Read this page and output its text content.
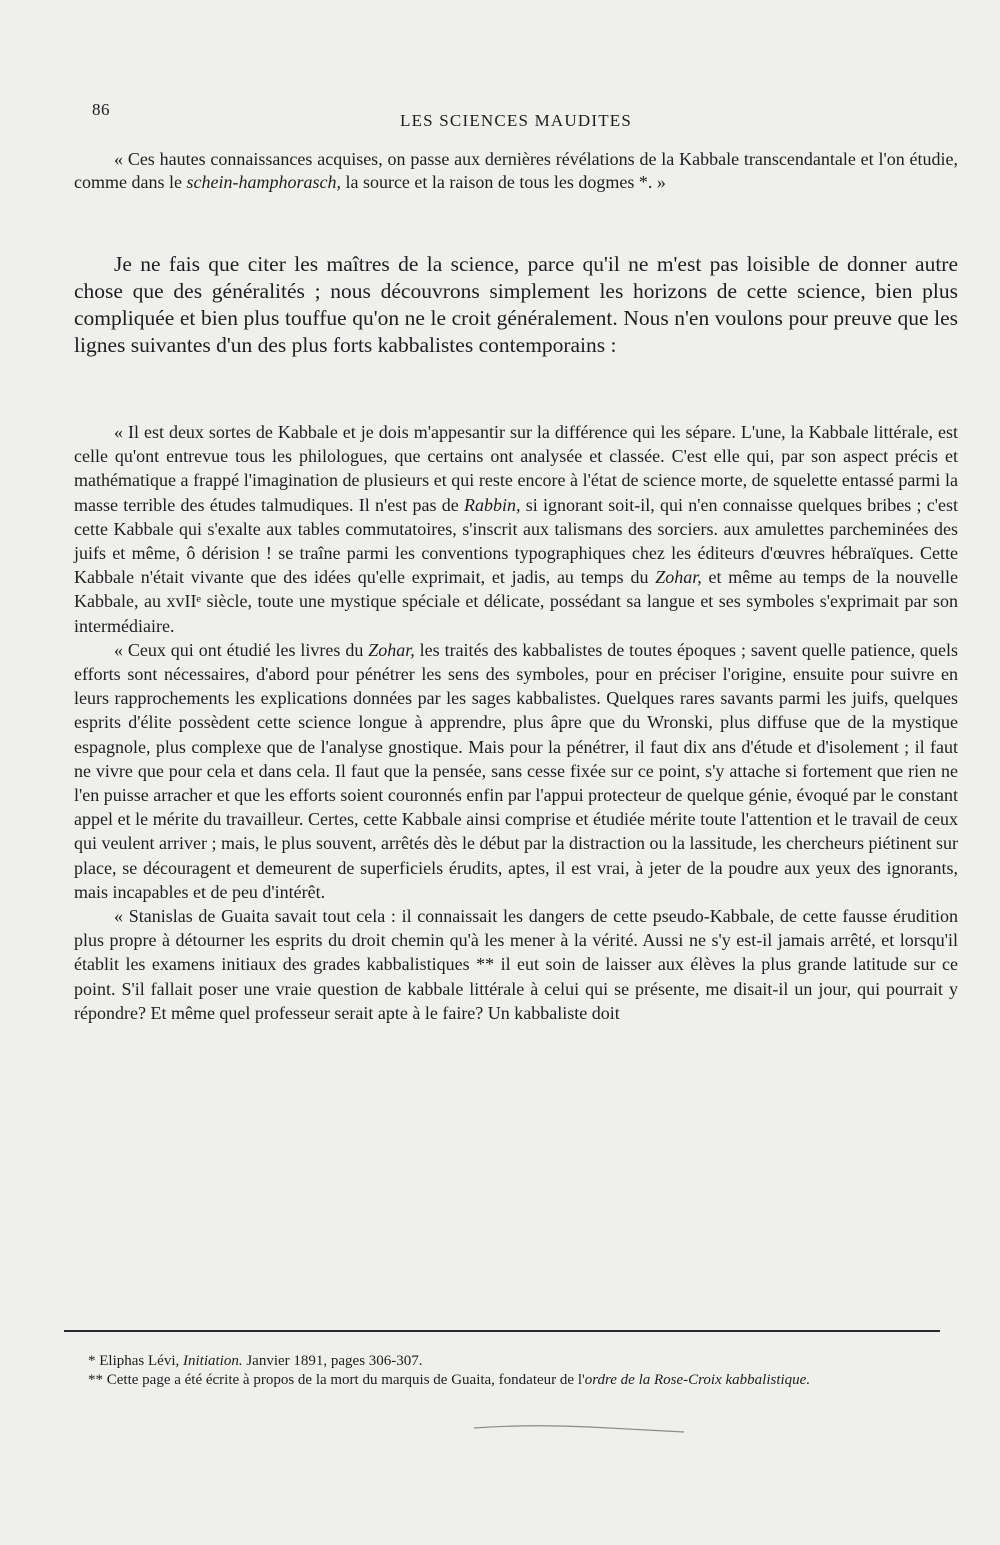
86
LES SCIENCES MAUDITES

« Ces hautes connaissances acquises, on passe aux dernières révélations de la Kabbale transcendantale et l'on étudie, comme dans le schein-hamphorasch, la source et la raison de tous les dogmes *. »

Je ne fais que citer les maîtres de la science, parce qu'il ne m'est pas loisible de donner autre chose que des généralités ; nous découvrons simplement les horizons de cette science, bien plus compliquée et bien plus touffue qu'on ne le croit généralement. Nous n'en voulons pour preuve que les lignes suivantes d'un des plus forts kabbalistes contemporains :

« Il est deux sortes de Kabbale et je dois m'appesantir sur la différence qui les sépare. L'une, la Kabbale littérale, est celle qu'ont entrevue tous les philologues, que certains ont analysée et classée. C'est elle qui, par son aspect précis et mathématique a frappé l'imagination de plusieurs et qui reste encore à l'état de science morte, de squelette entassé parmi la masse terrible des études talmudiques. Il n'est pas de Rabbin, si ignorant soit-il, qui n'en connaisse quelques bribes ; c'est cette Kabbale qui s'exalte aux tables commutatoires, s'inscrit aux talismans des sorciers. aux amulettes parcheminées des juifs et même, ô dérision ! se traîne parmi les conventions typographiques chez les éditeurs d'œuvres hébraïques. Cette Kabbale n'était vivante que des idées qu'elle exprimait, et jadis, au temps du Zohar, et même au temps de la nouvelle Kabbale, au xvIIᵉ siècle, toute une mystique spéciale et délicate, possédant sa langue et ses symboles s'exprimait par son intermédiaire.

« Ceux qui ont étudié les livres du Zohar, les traités des kabbalistes de toutes époques ; savent quelle patience, quels efforts sont nécessaires, d'abord pour pénétrer les sens des symboles, pour en préciser l'origine, ensuite pour suivre en leurs rapprochements les explications données par les sages kabbalistes. Quelques rares savants parmi les juifs, quelques esprits d'élite possèdent cette science longue à apprendre, plus âpre que du Wronski, plus diffuse que de la mystique espagnole, plus complexe que de l'analyse gnostique. Mais pour la pénétrer, il faut dix ans d'étude et d'isolement ; il faut ne vivre que pour cela et dans cela. Il faut que la pensée, sans cesse fixée sur ce point, s'y attache si fortement que rien ne l'en puisse arracher et que les efforts soient couronnés enfin par l'appui protecteur de quelque génie, évoqué par le constant appel et le mérite du travailleur. Certes, cette Kabbale ainsi comprise et étudiée mérite toute l'attention et le travail de ceux qui veulent arriver ; mais, le plus souvent, arrêtés dès le début par la distraction ou la lassitude, les chercheurs piétinent sur place, se découragent et demeurent de superficiels érudits, aptes, il est vrai, à jeter de la poudre aux yeux des ignorants, mais incapables et de peu d'intérêt.

« Stanislas de Guaita savait tout cela : il connaissait les dangers de cette pseudo-Kabbale, de cette fausse érudition plus propre à détourner les esprits du droit chemin qu'à les mener à la vérité. Aussi ne s'y est-il jamais arrêté, et lorsqu'il établit les examens initiaux des grades kabbalistiques ** il eut soin de laisser aux élèves la plus grande latitude sur ce point. S'il fallait poser une vraie question de kabbale littérale à celui qui se présente, me disait-il un jour, qui pourrait y répondre? Et même quel professeur serait apte à le faire? Un kabbaliste doit

* Eliphas Lévi, Initiation. Janvier 1891, pages 306-307.

** Cette page a été écrite à propos de la mort du marquis de Guaita, fondateur de l'ordre de la Rose-Croix kabbalistique.
